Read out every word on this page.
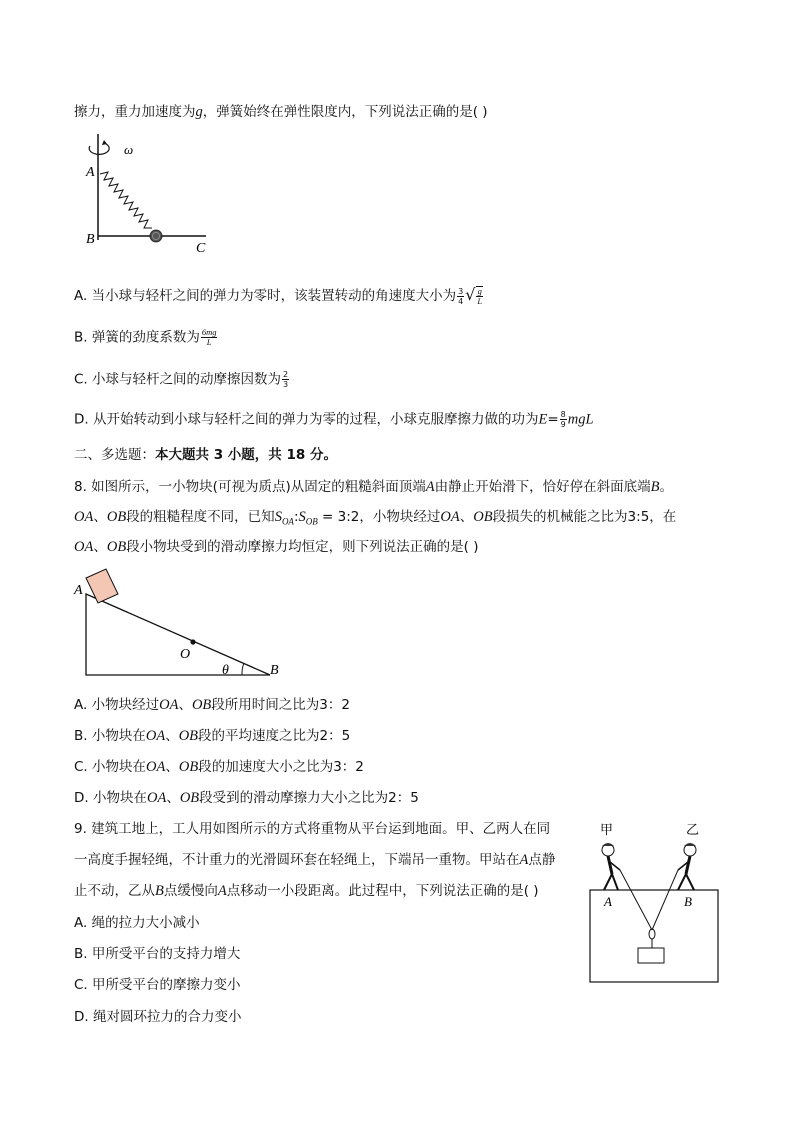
擦力，重力加速度为g，弹簧始终在弹性限度内，下列说法正确的是( )
ω
A
B
C
A. 当小球与轻杆之间的弹力为零时，该装置转动的角速度大小为 $\frac{3}{4}$ √ $\frac{g}{L}$
B. 弹簧的劲度系数为 $\frac{6mg}{L}$
C. 小球与轻杆之间的动摩擦因数为 $\frac{2}{3}$
D. 从开始转动到小球与轻杆之间的弹力为零的过程，小球克服摩擦力做的功为$E= \frac{8}{9}$ mgL
二、多选题：本大题共 3 小题，共 18 分。
8. 如图所示，一小物块(可视为质点)从固定的粗糙斜面顶端A由静止开始滑下，恰好停在斜面底端B。
OA、OB段的粗糙程度不同，已知$S_{OA}:S_{OB}$ = 3:2，小物块经过OA、OB段损失的机械能之比为3:5，在
OA、OB段小物块受到的滑动摩擦力均恒定，则下列说法正确的是( )
A
O
θ	B
A. 小物块经过OA、OB段所用时间之比为3：2
B. 小物块在OA、OB段的平均速度之比为2：5
C. 小物块在OA、OB段的加速度大小之比为3：2
D. 小物块在OA、OB段受到的滑动摩擦力大小之比为2：5
9. 建筑工地上，工人用如图所示的方式将重物从平台运到地面。甲、乙两人在同
一高度手握轻绳，不计重力的光滑圆环套在轻绳上，下端吊一重物。甲站在A点静
止不动，乙从B点缓慢向A点移动一小段距离。此过程中，下列说法正确的是( )
A. 绳的拉力大小减小
B. 甲所受平台的支持力增大
C. 甲所受平台的摩擦力变小
D. 绳对圆环拉力的合力变小
甲	乙
A	B
